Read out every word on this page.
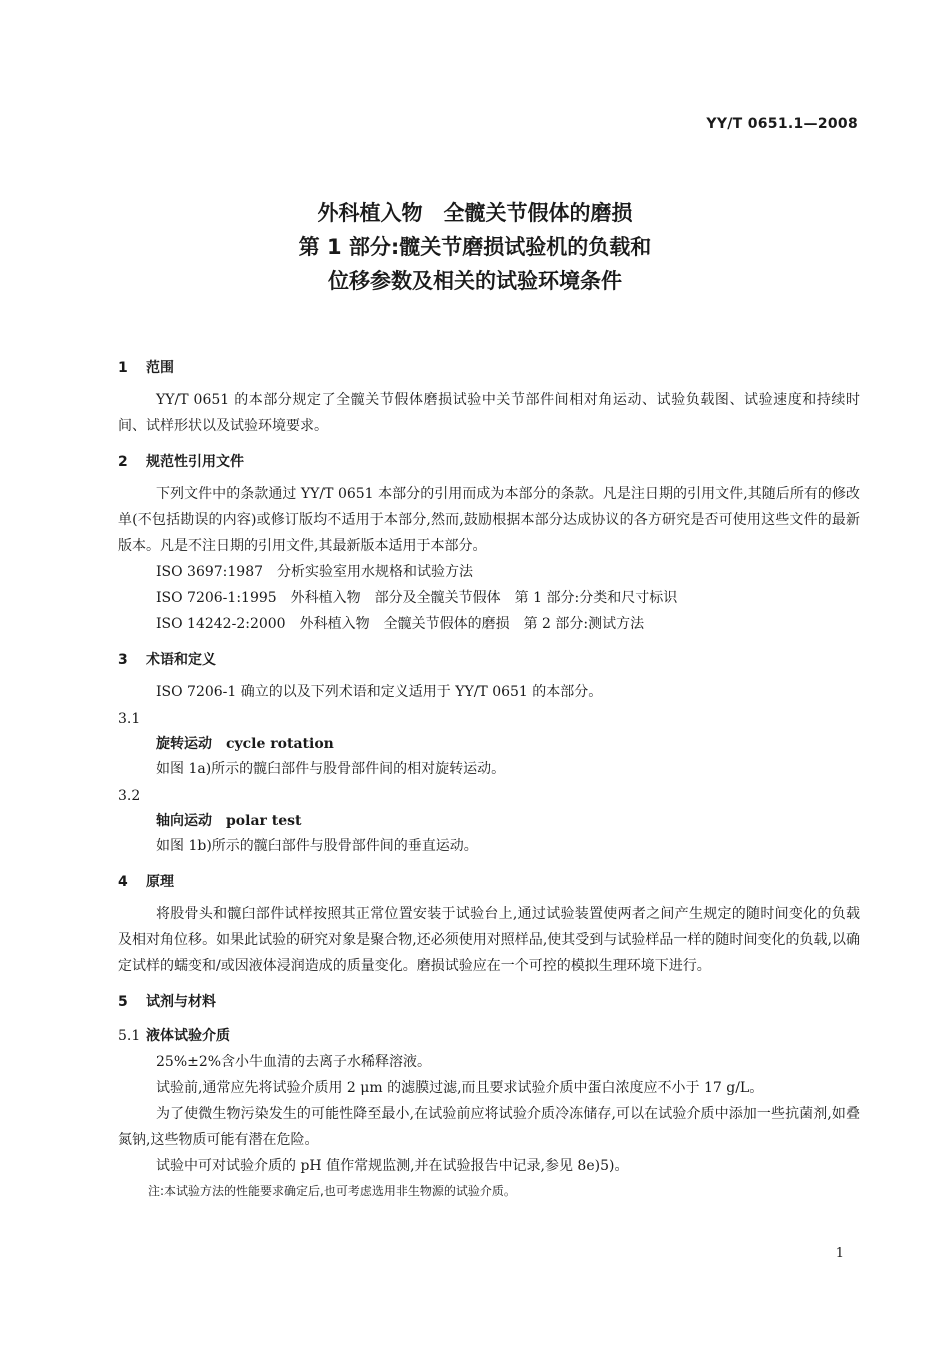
YY/T 0651.1—2008
外科植入物　全髋关节假体的磨损
第 1 部分:髋关节磨损试验机的负载和
位移参数及相关的试验环境条件
1 范围
YY/T 0651 的本部分规定了全髋关节假体磨损试验中关节部件间相对角运动、试验负载图、试验速度和持续时间、试样形状以及试验环境要求。
2 规范性引用文件
下列文件中的条款通过 YY/T 0651 本部分的引用而成为本部分的条款。凡是注日期的引用文件,其随后所有的修改单(不包括勘误的内容)或修订版均不适用于本部分,然而,鼓励根据本部分达成协议的各方研究是否可使用这些文件的最新版本。凡是不注日期的引用文件,其最新版本适用于本部分。
ISO 3697:1987 分析实验室用水规格和试验方法
ISO 7206-1:1995 外科植入物　部分及全髋关节假体　第 1 部分:分类和尺寸标识
ISO 14242-2:2000 外科植入物　全髋关节假体的磨损　第 2 部分:测试方法
3 术语和定义
ISO 7206-1 确立的以及下列术语和定义适用于 YY/T 0651 的本部分。
3.1
旋转运动 cycle rotation
如图 1a)所示的髋臼部件与股骨部件间的相对旋转运动。
3.2
轴向运动 polar test
如图 1b)所示的髋臼部件与股骨部件间的垂直运动。
4 原理
将股骨头和髋臼部件试样按照其正常位置安装于试验台上,通过试验装置使两者之间产生规定的随时间变化的负载及相对角位移。如果此试验的研究对象是聚合物,还必须使用对照样品,使其受到与试验样品一样的随时间变化的负载,以确定试样的蠕变和/或因液体浸润造成的质量变化。磨损试验应在一个可控的模拟生理环境下进行。
5 试剂与材料
5.1 液体试验介质
25%±2%含小牛血清的去离子水稀释溶液。
试验前,通常应先将试验介质用 2 μm 的滤膜过滤,而且要求试验介质中蛋白浓度应不小于 17 g/L。
为了使微生物污染发生的可能性降至最小,在试验前应将试验介质冷冻储存,可以在试验介质中添加一些抗菌剂,如叠氮钠,这些物质可能有潜在危险。
试验中可对试验介质的 pH 值作常规监测,并在试验报告中记录,参见 8e)5)。
注:本试验方法的性能要求确定后,也可考虑选用非生物源的试验介质。
1
